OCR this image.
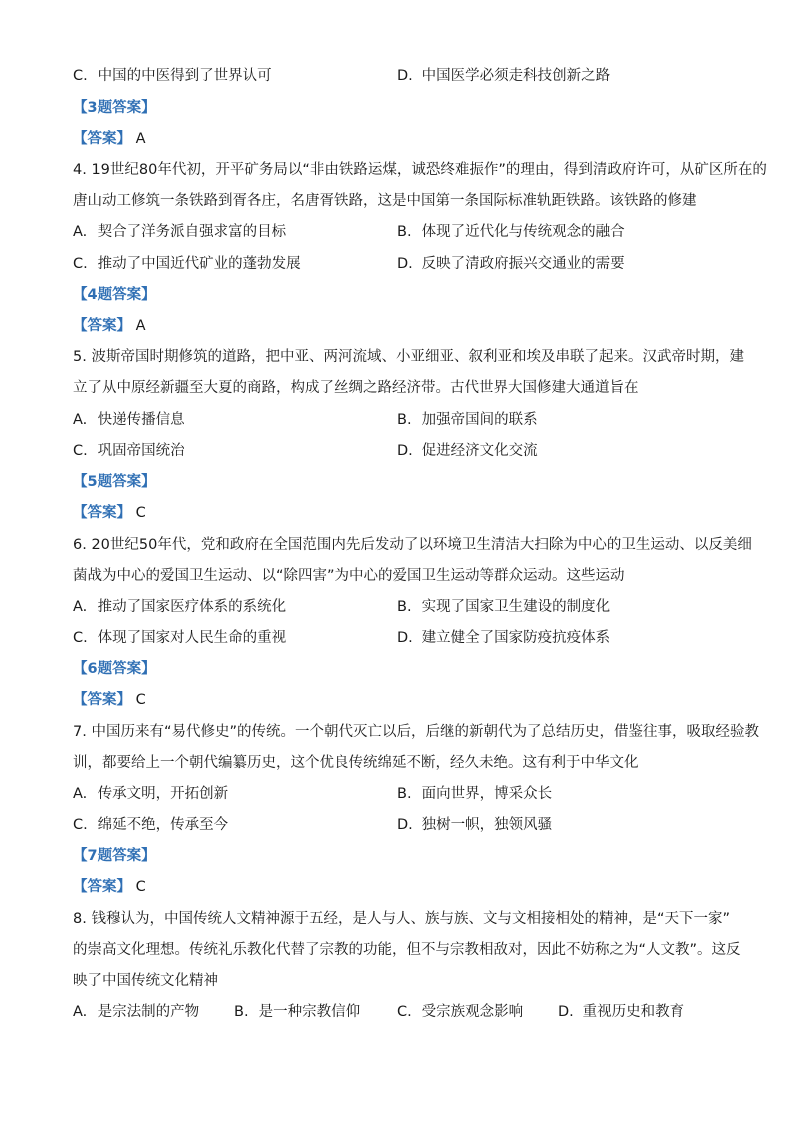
C. 中国的中医得到了世界认可	D. 中国医学必须走科技创新之路
【3题答案】
【答案】 A
4. 19世纪80年代初，开平矿务局以“非由铁路运煤，诚恐终难振作”的理由，得到清政府许可，从矿区所在的
唐山动工修筑一条铁路到胥各庄，名唐胥铁路，这是中国第一条国际标准轨距铁路。该铁路的修建
A. 契合了洋务派自强求富的目标	B. 体现了近代化与传统观念的融合
C. 推动了中国近代矿业的蓬勃发展	D. 反映了清政府振兴交通业的需要
【4题答案】
【答案】 A
5. 波斯帝国时期修筑的道路，把中亚、两河流域、小亚细亚、叙利亚和埃及串联了起来。汉武帝时期，建
立了从中原经新疆至大夏的商路，构成了丝绸之路经济带。古代世界大国修建大通道旨在
A. 快递传播信息	B. 加强帝国间的联系
C. 巩固帝国统治	D. 促进经济文化交流
【5题答案】
【答案】 C
6. 20世纪50年代，党和政府在全国范围内先后发动了以环境卫生清洁大扫除为中心的卫生运动、以反美细
菌战为中心的爱国卫生运动、以“除四害”为中心的爱国卫生运动等群众运动。这些运动
A. 推动了国家医疗体系的系统化	B. 实现了国家卫生建设的制度化
C. 体现了国家对人民生命的重视	D. 建立健全了国家防疫抗疫体系
【6题答案】
【答案】 C
7. 中国历来有“易代修史”的传统。一个朝代灭亡以后，后继的新朝代为了总结历史，借鉴往事，吸取经验教
训，都要给上一个朝代编纂历史，这个优良传统绵延不断，经久未绝。这有利于中华文化
A. 传承文明，开拓创新	B. 面向世界，博采众长
C. 绵延不绝，传承至今	D. 独树一帜，独领风骚
【7题答案】
【答案】 C
8. 钱穆认为，中国传统人文精神源于五经，是人与人、族与族、文与文相接相处的精神，是“天下一家”
的崇高文化理想。传统礼乐教化代替了宗教的功能，但不与宗教相敌对，因此不妨称之为“人文教”。这反
映了中国传统文化精神
A. 是宗法制的产物 B. 是一种宗教信仰	C. 受宗族观念影响 D. 重视历史和教育
